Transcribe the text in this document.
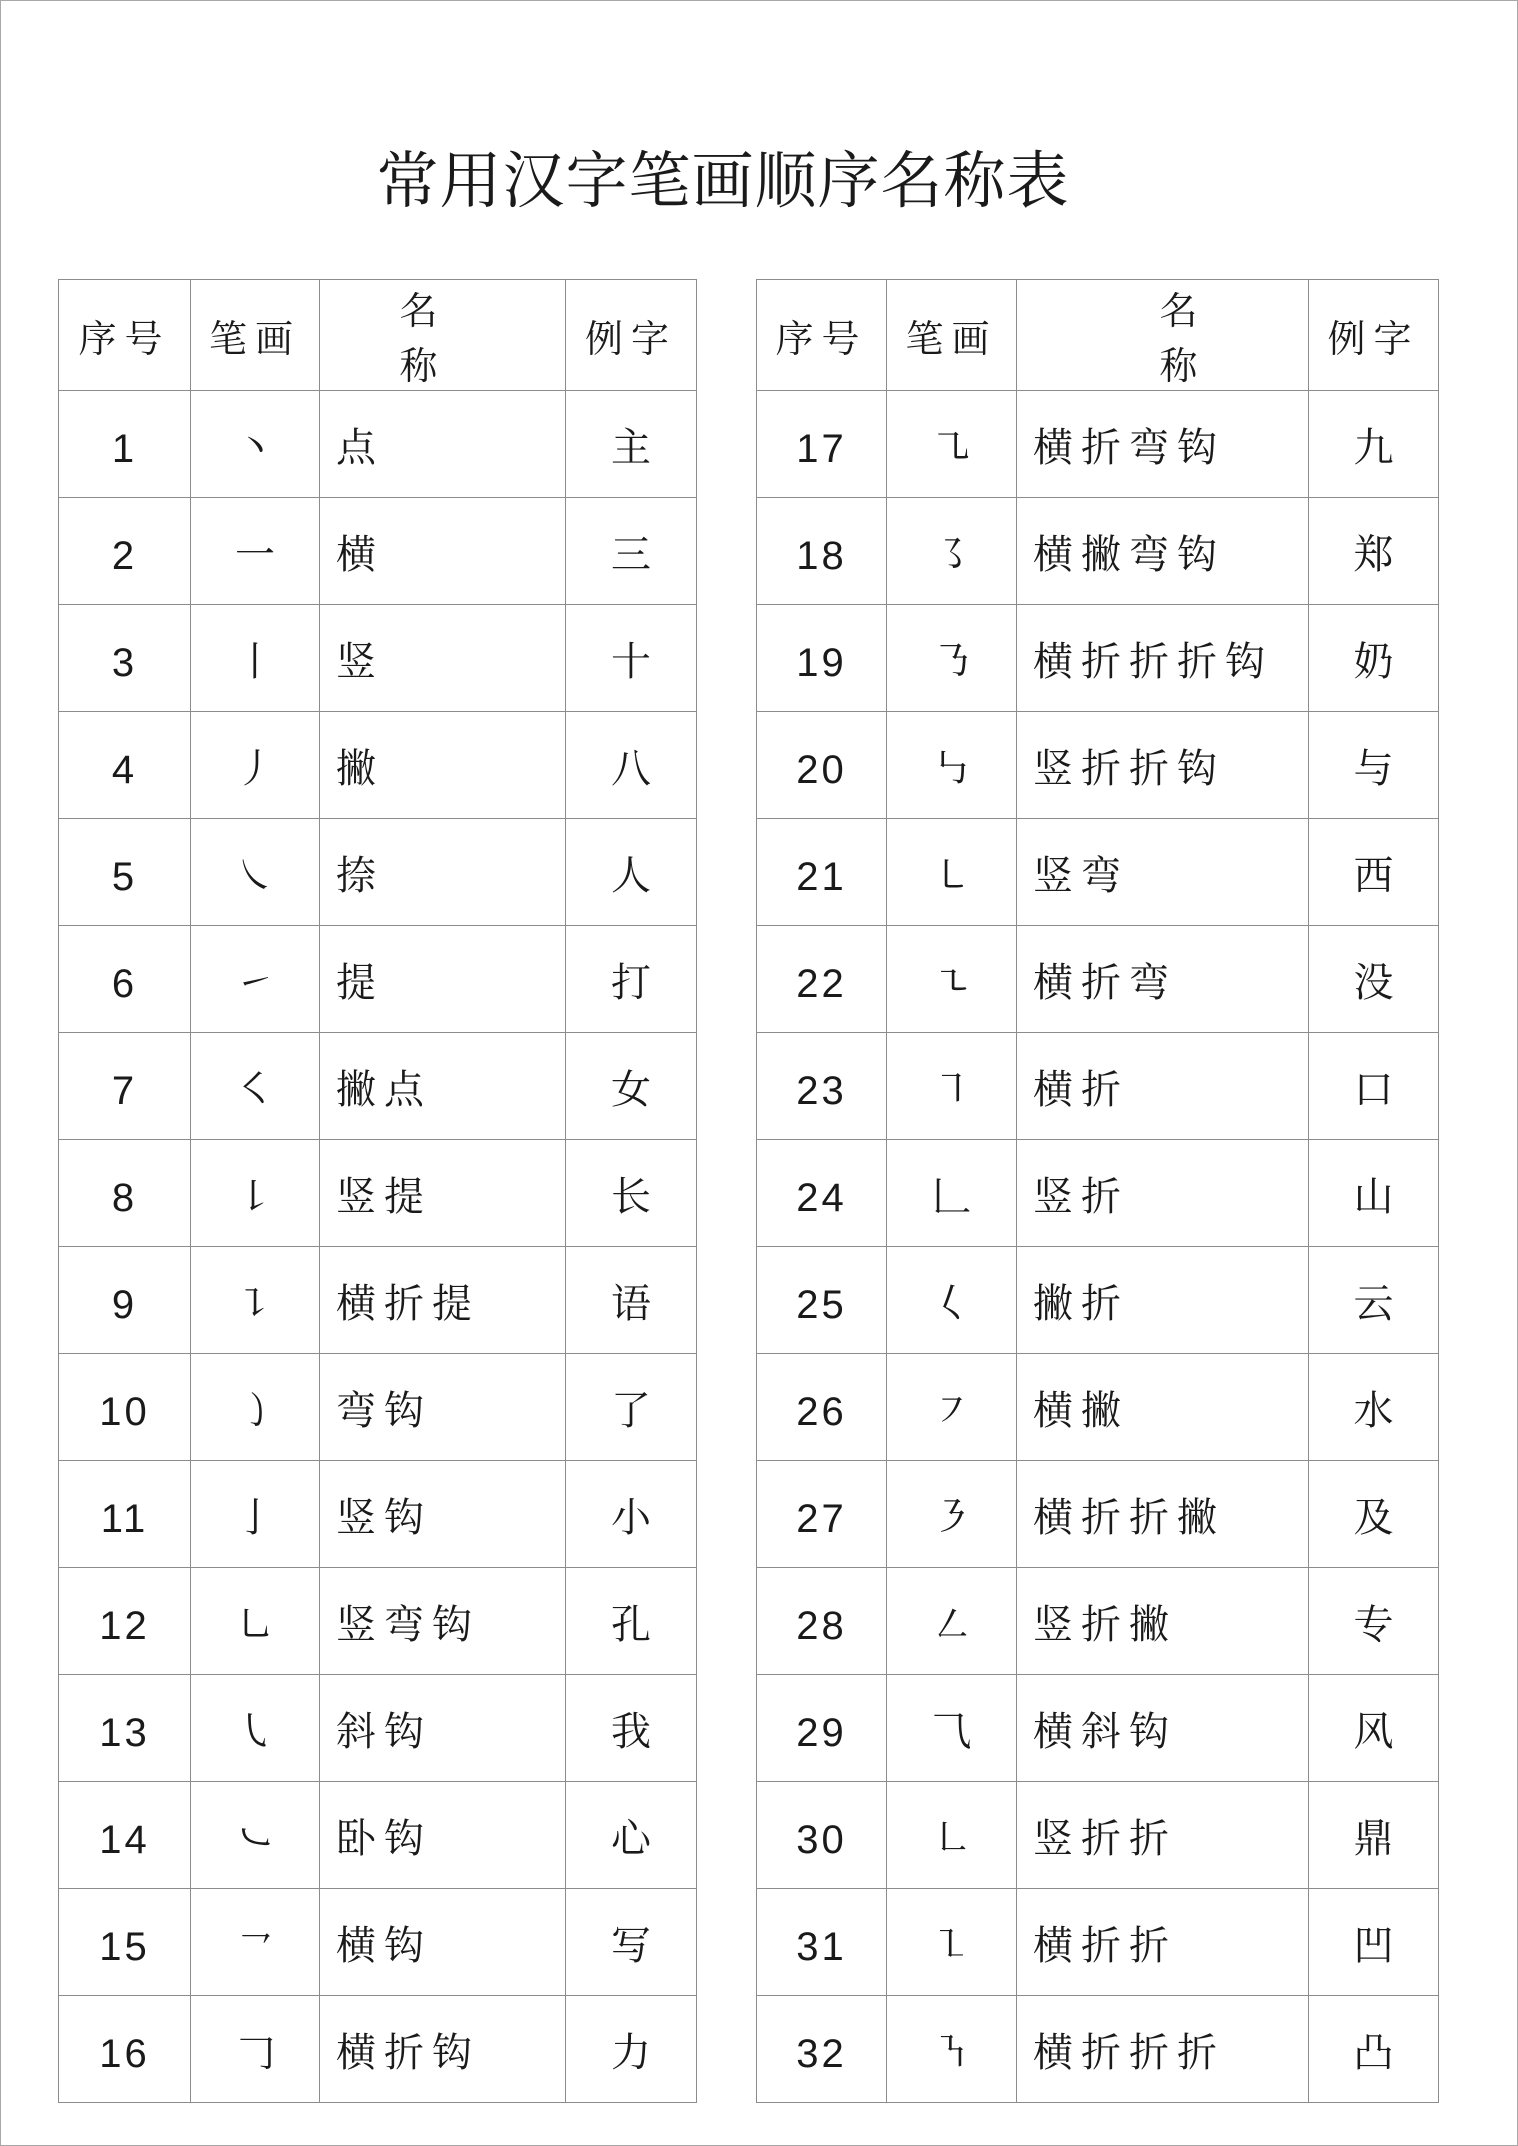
常用汉字笔画顺序名称表
序号	笔画	名　称	例字
1	丶	点	主
2	一	横	三
3	丨	竖	十
4	丿	撇	八
5	㇏	捺	人
6	㇀	提	打
7	㇛	撇点	女
8	㇙	竖提	长
9	㇊	横折提	语
10	㇁	弯钩	了
11	亅	竖钩	小
12	㇟	竖弯钩	孔
13	㇂	斜钩	我
14	㇃	卧钩	心
15	㇖	横钩	写
16	𠃌	横折钩	力
序号	笔画	名　称	例字
17	㇈	横折弯钩	九
18	㇌	横撇弯钩	郑
19	㇡	横折折折钩	奶
20	㇉	竖折折钩	与
21	㇄	竖弯	西
22	㇍	横折弯	没
23	㇕	横折	口
24	𠃊	竖折	山
25	𡿨	撇折	云
26	㇇	横撇	水
27	㇋	横折折撇	及
28	㇜	竖折撇	专
29	⺄	横斜钩	风
30	㇗	竖折折	鼎
31	㇅	横折折	凹
32	㇎	横折折折	凸
